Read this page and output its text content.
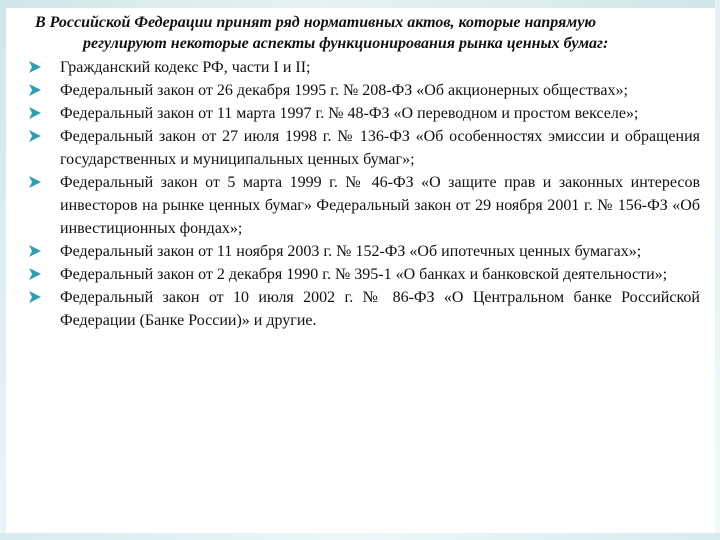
В Российской Федерации принят ряд нормативных актов, которые напрямую
регулируют некоторые аспекты функционирования рынка ценных бумаг:
Гражданский кодекс РФ, части I и II;
Федеральный закон от 26 декабря 1995 г. № 208-ФЗ «Об акционерных обществах»;
Федеральный закон от 11 марта 1997 г. № 48-ФЗ «О переводном и простом векселе»;
Федеральный закон от 27 июля 1998 г. № 136-ФЗ «Об особенностях эмиссии и обращения государственных и муниципальных ценных бумаг»;
Федеральный закон от 5 марта 1999 г. № 46-ФЗ «О защите прав и законных интересов инвесторов на рынке ценных бумаг» Федеральный закон от 29 ноября 2001 г. № 156-ФЗ «Об инвестиционных фондах»;
Федеральный закон от 11 ноября 2003 г. № 152-ФЗ «Об ипотечных ценных бумагах»;
Федеральный закон от 2 декабря 1990 г. № 395-1 «О банках и банковской деятельности»;
Федеральный закон от 10 июля 2002 г. № 86-ФЗ «О Центральном банке Российской Федерации (Банке России)» и другие.
